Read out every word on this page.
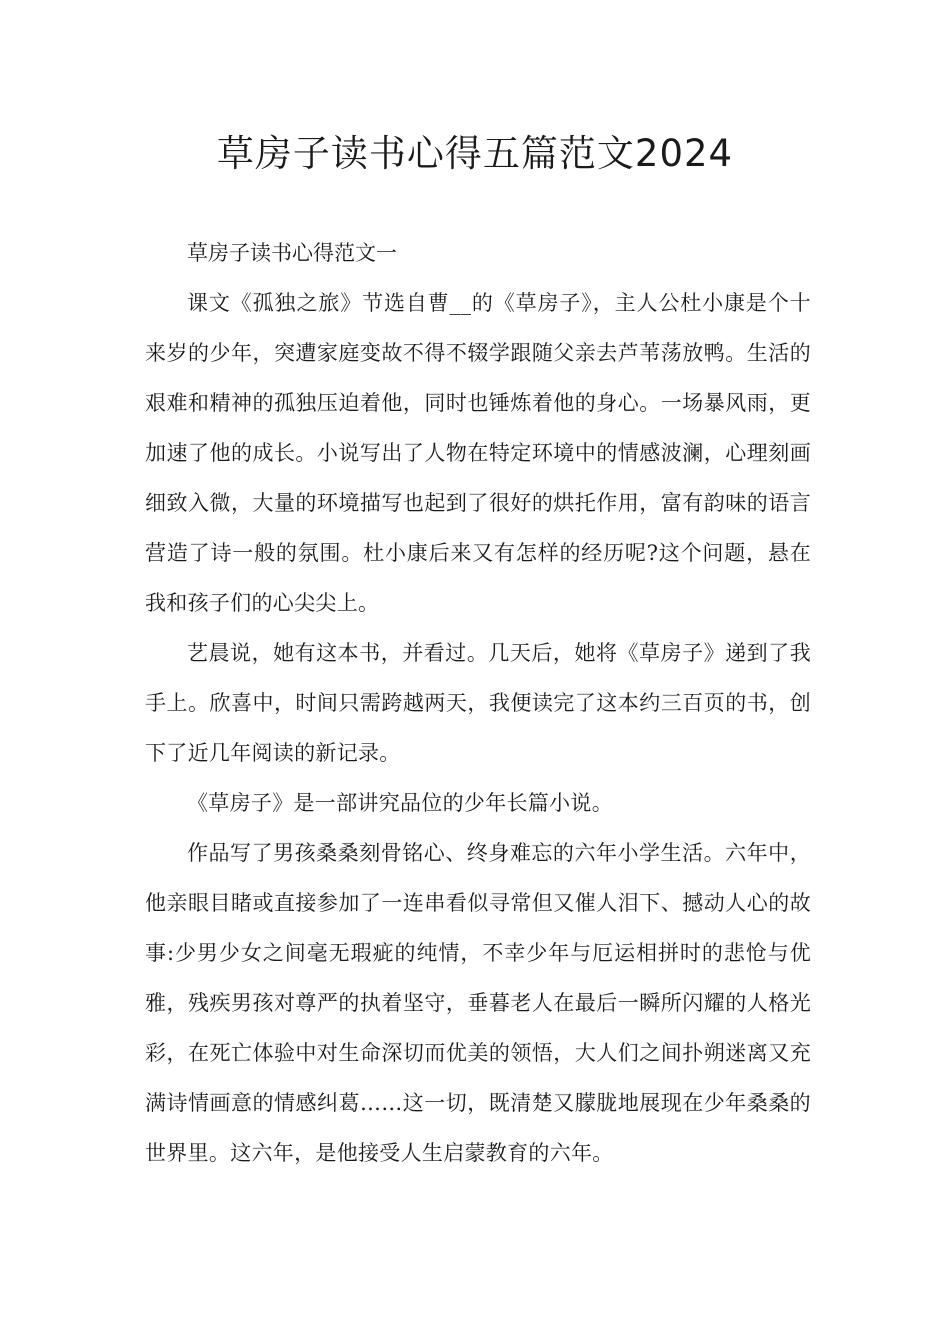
草房子读书心得五篇范文2024

草房子读书心得范文一

课文《孤独之旅》节选自曹__的《草房子》，主人公杜小康是个十来岁的少年，突遭家庭变故不得不辍学跟随父亲去芦苇荡放鸭。生活的艰难和精神的孤独压迫着他，同时也锤炼着他的身心。一场暴风雨，更加速了他的成长。小说写出了人物在特定环境中的情感波澜，心理刻画细致入微，大量的环境描写也起到了很好的烘托作用，富有韵味的语言营造了诗一般的氛围。杜小康后来又有怎样的经历呢?这个问题，悬在我和孩子们的心尖尖上。

艺晨说，她有这本书，并看过。几天后，她将《草房子》递到了我手上。欣喜中，时间只需跨越两天，我便读完了这本约三百页的书，创下了近几年阅读的新记录。

《草房子》是一部讲究品位的少年长篇小说。

作品写了男孩桑桑刻骨铭心、终身难忘的六年小学生活。六年中，他亲眼目睹或直接参加了一连串看似寻常但又催人泪下、撼动人心的故事:少男少女之间毫无瑕疵的纯情，不幸少年与厄运相拼时的悲怆与优雅，残疾男孩对尊严的执着坚守，垂暮老人在最后一瞬所闪耀的人格光彩，在死亡体验中对生命深切而优美的领悟，大人们之间扑朔迷离又充满诗情画意的情感纠葛……这一切，既清楚又朦胧地展现在少年桑桑的世界里。这六年，是他接受人生启蒙教育的六年。
